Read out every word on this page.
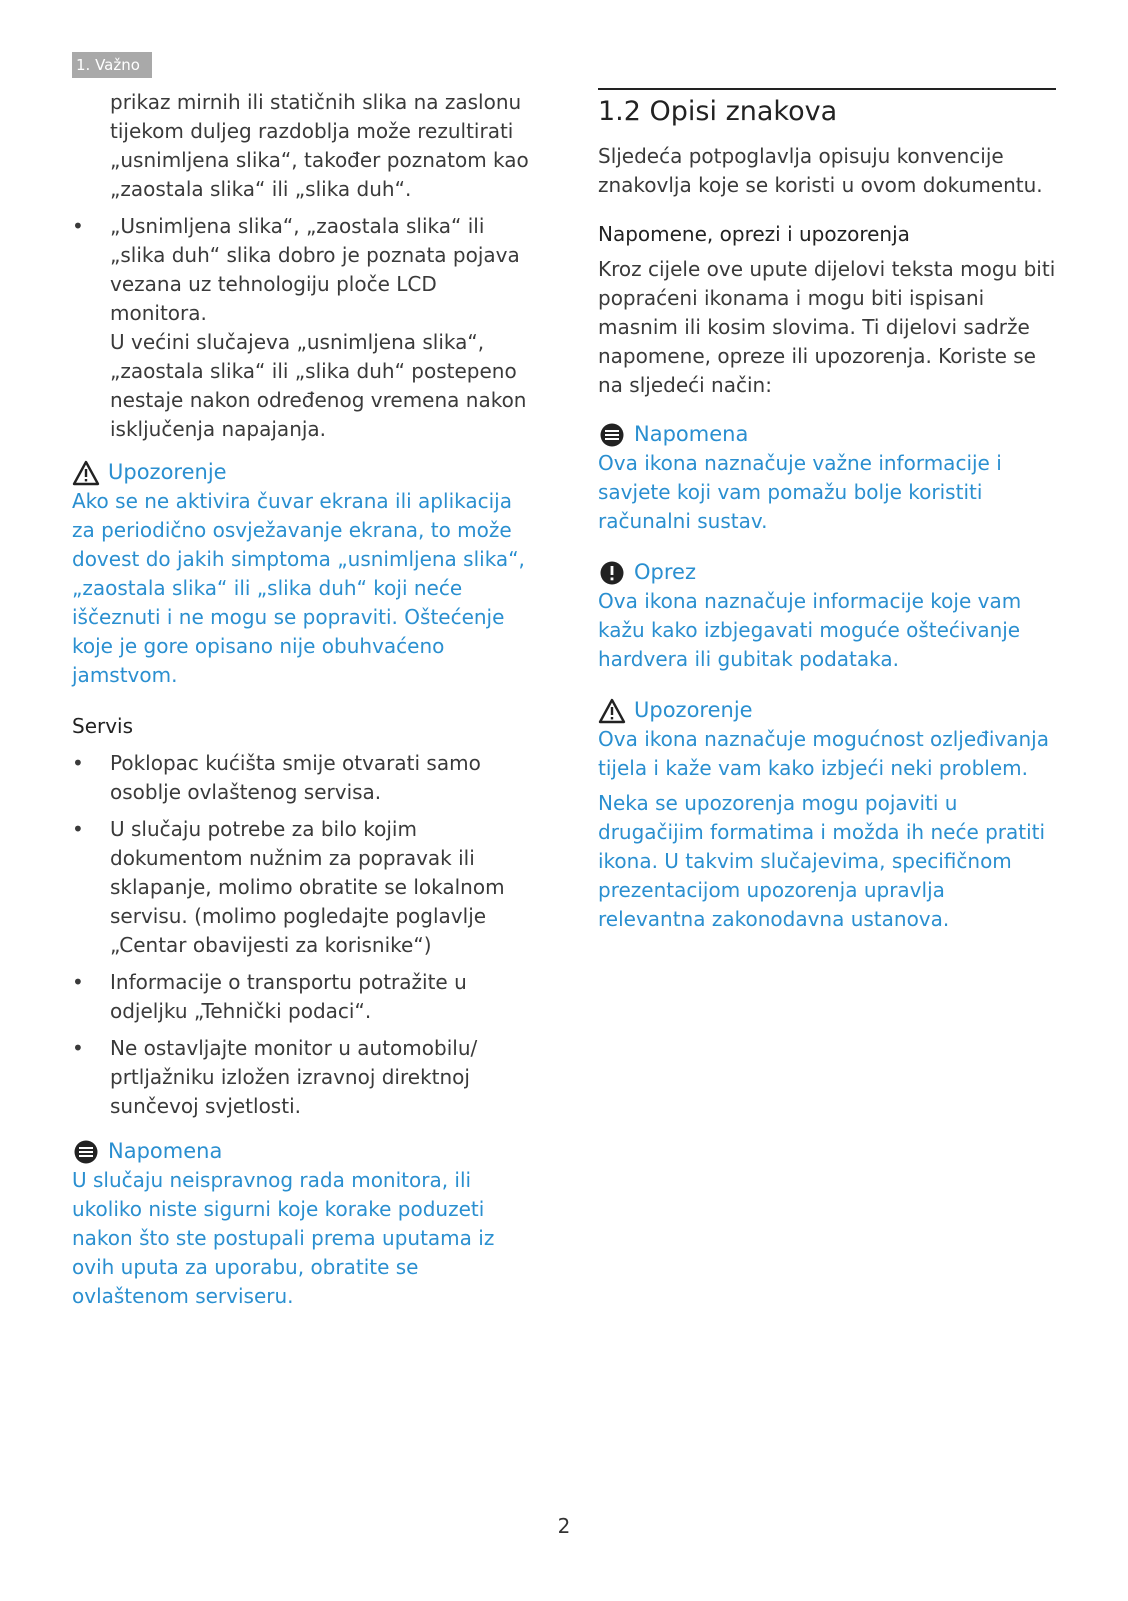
1. Važno

prikaz mirnih ili statičnih slika na zaslonu tijekom duljeg razdoblja može rezultirati „usnimljena slika“, također poznatom kao „zaostala slika“ ili „slika duh“.

• „Usnimljena slika“, „zaostala slika“ ili „slika duh“ slika dobro je poznata pojava vezana uz tehnologiju ploče LCD monitora.

U većini slučajeva „usnimljena slika“, „zaostala slika“ ili „slika duh“ postepeno nestaje nakon određenog vremena nakon isključenja napajanja.

Upozorenje

Ako se ne aktivira čuvar ekrana ili aplikacija za periodično osvježavanje ekrana, to može dovest do jakih simptoma „usnimljena slika“, „zaostala slika“ ili „slika duh“ koji neće iščeznuti i ne mogu se popraviti. Oštećenje koje je gore opisano nije obuhvaćeno jamstvom.

Servis
• Poklopac kućišta smije otvarati samo osoblje ovlaštenog servisa.

• U slučaju potrebe za bilo kojim dokumentom nužnim za popravak ili sklapanje, molimo obratite se lokalnom servisu. (molimo pogledajte poglavlje „Centar obavijesti za korisnike“)

• Informacije o transportu potražite u odjeljku „Tehnički podaci“.

• Ne ostavljajte monitor u automobilu/ prtljažniku izložen izravnoj direktnoj sunčevoj svjetlosti.

Napomena

U slučaju neispravnog rada monitora, ili ukoliko niste sigurni koje korake poduzeti nakon što ste postupali prema uputama iz ovih uputa za uporabu, obratite se ovlaštenom serviseru.

1.2 Opisi znakova

Sljedeća potpoglavlja opisuju konvencije znakovlja koje se koristi u ovom dokumentu.

Napomene, oprezi i upozorenja

Kroz cijele ove upute dijelovi teksta mogu biti popraćeni ikonama i mogu biti ispisani masnim ili kosim slovima. Ti dijelovi sadrže napomene, opreze ili upozorenja. Koriste se na sljedeći način:

Napomena

Ova ikona naznačuje važne informacije i savjete koji vam pomažu bolje koristiti računalni sustav.

Oprez

Ova ikona naznačuje informacije koje vam kažu kako izbjegavati moguće oštećivanje hardvera ili gubitak podataka.

Upozorenje

Ova ikona naznačuje mogućnost ozljeđivanja tijela i kaže vam kako izbjeći neki problem.

Neka se upozorenja mogu pojaviti u drugačijim formatima i možda ih neće pratiti ikona. U takvim slučajevima, specifičnom prezentacijom upozorenja upravlja relevantna zakonodavna ustanova.

2
